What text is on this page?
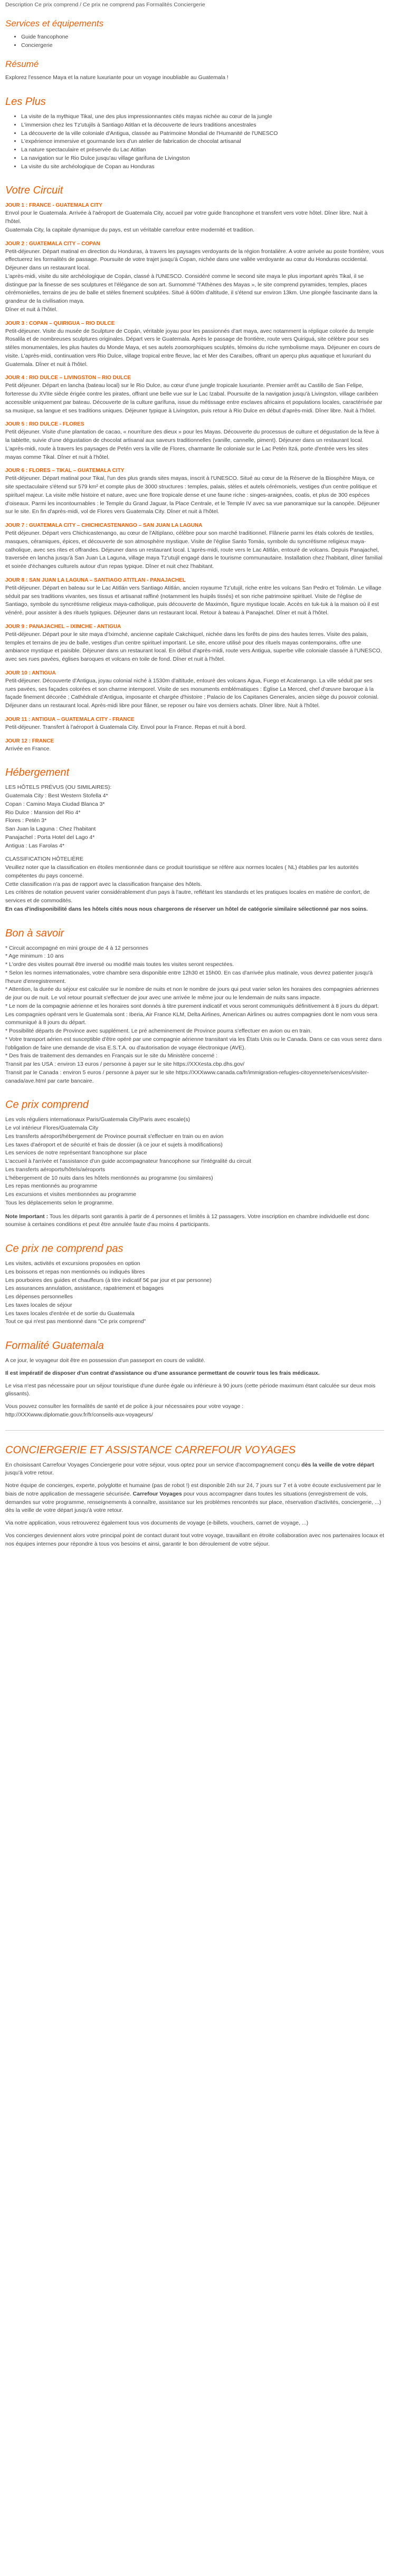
Description Ce prix comprend / Ce prix ne comprend pas Formalités Conciergerie

Services et équipements
• Guide francophone
• Conciergerie
Résumé

Explorez l'essence Maya et la nature luxuriante pour un voyage inoubliable au Guatemala !

Les Plus
• La visite de la mythique Tikal, une des plus impressionnantes cités mayas nichée au cœur de la jungle
• L'immersion chez les Tz'utujils à Santiago Atitlan et la découverte de leurs traditions ancestrales
• La découverte de la ville coloniale d'Antigua, classée au Patrimoine Mondial de l'Humanité de l'UNESCO
• L'expérience immersive et gourmande lors d'un atelier de fabrication de chocolat artisanal
• La nature spectaculaire et préservée du Lac Atitlan
• La navigation sur le Rio Dulce jusqu'au village garifuna de Livingston
• La visite du site archéologique de Copan au Honduras
Votre Circuit
JOUR 1 : FRANCE - GUATEMALA CITY

Envol pour le Guatemala. Arrivée à l'aéroport de Guatemala City, accueil par votre guide francophone et transfert vers votre hôtel. Dîner libre. Nuit à l'hôtel.

Guatemala City, la capitale dynamique du pays, est un véritable carrefour entre modernité et tradition.

JOUR 2 : GUATEMALA CITY – COPAN

Petit-déjeuner. Départ matinal en direction du Honduras, à travers les paysages verdoyants de la région frontalière. A votre arrivée au poste frontière, vous effectuerez les formalités de passage. Poursuite de votre trajet jusqu'à Copan, nichée dans une vallée verdoyante au cœur du Honduras occidental.

Déjeuner dans un restaurant local.

L'après-midi, visite du site archéologique de Copán, classé à l'UNESCO. Considéré comme le second site maya le plus important après Tikal, il se distingue par la finesse de ses sculptures et l'élégance de son art. Surnommé "l'Athènes des Mayas », le site comprend pyramides, temples, places cérémonielles, terrains de jeu de balle et stèles finement sculptées. Situé à 600m d'altitude, il s'étend sur environ 13km. Une plongée fascinante dans la grandeur de la civilisation maya.

Dîner et nuit à l'hôtel.

JOUR 3 : COPAN – QUIRIGUA – RIO DULCE

Petit-déjeuner. Visite du musée de Sculpture de Copán, véritable joyau pour les passionnés d'art maya, avec notamment la réplique colorée du temple Rosalila et de nombreuses sculptures originales. Départ vers le Guatemala. Après le passage de frontière, route vers Quiriguá, site célèbre pour ses stèles monumentales, les plus hautes du Monde Maya, et ses autels zoomorphiques sculptés, témoins du riche symbolisme maya. Déjeuner en cours de visite. L'après-midi, continuation vers Rio Dulce, village tropical entre fleuve, lac et Mer des Caraïbes, offrant un aperçu plus aquatique et luxuriant du Guatemala. Dîner et nuit à l'hôtel.

JOUR 4 : RIO DULCE – LIVINGSTON – RIO DULCE

Petit déjeuner. Départ en lancha (bateau local) sur le Rio Dulce, au cœur d'une jungle tropicale luxuriante. Premier arrêt au Castillo de San Felipe, forteresse du XVIIe siècle érigée contre les pirates, offrant une belle vue sur le Lac Izabal. Poursuite de la navigation jusqu'à Livingston, village caribéen accessible uniquement par bateau. Découverte de la culture garífuna, issue du métissage entre esclaves africains et populations locales, caractérisée par sa musique, sa langue et ses traditions uniques. Déjeuner typique à Livingston, puis retour à Rio Dulce en début d'après-midi. Dîner libre. Nuit à l'hôtel.

JOUR 5 : RIO DULCE - FLORES

Petit déjeuner. Visite d'une plantation de cacao, « nourriture des dieux » pour les Mayas. Découverte du processus de culture et dégustation de la fève à la tablette, suivie d'une dégustation de chocolat artisanal aux saveurs traditionnelles (vanille, cannelle, piment). Déjeuner dans un restaurant local. L'après-midi, route à travers les paysages de Petén vers la ville de Flores, charmante île coloniale sur le Lac Petén Itzá, porte d'entrée vers les sites mayas comme Tikal. Dîner et nuit à l'hôtel.

JOUR 6 : FLORES – TIKAL – GUATEMALA CITY

Petit-déjeuner. Départ matinal pour Tikal, l'un des plus grands sites mayas, inscrit à l'UNESCO. Situé au cœur de la Réserve de la Biosphère Maya, ce site spectaculaire s'étend sur 579 km² et compte plus de 3000 structures : temples, palais, stèles et autels cérémoniels, vestiges d'un centre politique et spirituel majeur. La visite mêle histoire et nature, avec une flore tropicale dense et une faune riche : singes-araignées, coatis, et plus de 300 espèces d'oiseaux. Parmi les incontournables : le Temple du Grand Jaguar, la Place Centrale, et le Temple IV avec sa vue panoramique sur la canopée. Déjeuner sur le site. En fin d'après-midi, vol de Flores vers Guatemala City. Dîner et nuit à l'hôtel.

JOUR 7 : GUATEMALA CITY – CHICHICASTENANGO – SAN JUAN LA LAGUNA

Petit déjeuner. Départ vers Chichicastenango, au cœur de l'Altiplano, célèbre pour son marché traditionnel. Flânerie parmi les étals colorés de textiles, masques, céramiques, épices, et découverte de son atmosphère mystique. Visite de l'église Santo Tomás, symbole du syncrétisme religieux maya-catholique, avec ses rites et offrandes. Déjeuner dans un restaurant local. L'après-midi, route vers le Lac Atitlán, entouré de volcans. Depuis Panajachel, traversée en lancha jusqu'à San Juan La Laguna, village maya Tz'utujil engagé dans le tourisme communautaire. Installation chez l'habitant, dîner familial et soirée d'échanges culturels autour d'un repas typique. Dîner et nuit chez l'habitant.

JOUR 8 : SAN JUAN LA LAGUNA – SANTIAGO ATITLAN - PANAJACHEL

Petit-déjeuner. Départ en bateau sur le Lac Atitlán vers Santiago Atitlán, ancien royaume Tz'utujil, riche entre les volcans San Pedro et Tolimán. Le village séduit par ses traditions vivantes, ses tissus et artisanat raffiné (notamment les huipils tissés) et son riche patrimoine spirituel. Visite de l'église de Santiago, symbole du syncrétisme religieux maya-catholique, puis découverte de Maximón, figure mystique locale. Accès en tuk-tuk à la maison où il est vénéré, pour assister à des rituels typiques. Déjeuner dans un restaurant local. Retour à bateau à Panajachel. Dîner et nuit à l'hôtel.

JOUR 9 : PANAJACHEL – IXIMCHE - ANTIGUA

Petit-déjeuner. Départ pour le site maya d'Iximché, ancienne capitale Cakchiquel, nichée dans les forêts de pins des hautes terres. Visite des palais, temples et terrains de jeu de balle, vestiges d'un centre spirituel important. Le site, encore utilisé pour des rituels mayas contemporains, offre une ambiance mystique et paisible. Déjeuner dans un restaurant local. En début d'après-midi, route vers Antigua, superbe ville coloniale classée à l'UNESCO, avec ses rues pavées, églises baroques et volcans en toile de fond. Dîner et nuit à l'hôtel.

JOUR 10 : ANTIGUA

Petit-déjeuner. Découverte d'Antigua, joyau colonial niché à 1530m d'altitude, entouré des volcans Agua, Fuego et Acatenango. La ville séduit par ses rues pavées, ses façades colorées et son charme intemporel. Visite de ses monuments emblématiques : Église La Merced, chef d'œuvre baroque à la façade finement décorée ; Cathédrale d'Antigua, imposante et chargée d'histoire ; Palacio de los Capitanes Generales, ancien siège du pouvoir colonial. Déjeuner dans un restaurant local. Après-midi libre pour flâner, se reposer ou faire vos derniers achats. Dîner libre. Nuit à l'hôtel.

JOUR 11 : ANTIGUA – GUATEMALA CITY - FRANCE

Petit-déjeuner. Transfert à l'aéroport à Guatemala City. Envol pour la France. Repas et nuit à bord.

JOUR 12 : FRANCE

Arrivée en France.

Hébergement

LES HÔTELS PRÉVUS (OU SIMILAIRES):

Guatemala City : Best Western Stofella 4*

Copan : Camino Maya Ciudad Blanca 3*

Rio Dulce : Mansion del Rio 4*

Flores : Petén 3*

San Juan la Laguna : Chez l'habitant

Panajachel : Porta Hotel del Lago 4*

Antigua : Las Farolas 4*

CLASSIFICATION HÔTELIÈRE

Veuillez noter que la classification en étoiles mentionnée dans ce produit touristique se réfère aux normes locales ( NL) établies par les autorités compétentes du pays concerné.

Cette classification n'a pas de rapport avec la classification française des hôtels.

Les critères de notation peuvent varier considérablement d'un pays à l'autre, reflétant les standards et les pratiques locales en matière de confort, de services et de commodités.

En cas d'indisponibilité dans les hôtels cités nous nous chargerons de réserver un hôtel de catégorie similaire sélectionné par nos soins.

Bon à savoir

* Circuit accompagné en mini groupe de 4 à 12 personnes

* Age minimum : 10 ans

* L'ordre des visites pourrait être inversé ou modifié mais toutes les visites seront respectées.

* Selon les normes internationales, votre chambre sera disponible entre 12h30 et 15h00. En cas d'arrivée plus matinale, vous devrez patienter jusqu'à l'heure d'enregistrement.

* Attention, la durée du séjour est calculée sur le nombre de nuits et non le nombre de jours qui peut varier selon les horaires des compagnies aériennes de jour ou de nuit. Le vol retour pourrait s'effectuer de jour avec une arrivée le même jour ou le lendemain de nuits sans impacte.

* Le nom de la compagnie aérienne et les horaires sont donnés à titre purement indicatif et vous seront communiqués définitivement à 8 jours du départ. Les compagnies opérant vers le Guatemala sont : Iberia, Air France KLM, Delta Airlines, American Airlines ou autres compagnies dont le nom vous sera communiqué à 8 jours du départ.

* Possibilité départs de Province avec supplément. Le pré acheminement de Province pourra s'effectuer en avion ou en train.

* Votre transport aérien est susceptible d'être opéré par une compagnie aérienne transitant via les États Unis ou le Canada. Dans ce cas vous serez dans l'obligation de faire une demande de visa E.S.T.A. ou d'autorisation de voyage électronique (AVE).

* Des frais de traitement des demandes en Français sur le site du Ministère concerné :

Transit par les USA : environ 13 euros / personne à payer sur le site https://XXXesta.cbp.dhs.gov/

Transit par le Canada : environ 5 euros / personne à payer sur le site https://XXXwww.canada.ca/fr/immigration-refugies-citoyennete/services/visiter-canada/ave.html par carte bancaire.

Ce prix comprend

Les vols réguliers internationaux Paris/Guatemala City/Paris avec escale(s)

Le vol intérieur Flores/Guatemala City

Les transferts aéroport/hébergement de Province pourrait s'effectuer en train ou en avion

Les taxes d'aéroport et de sécurité et frais de dossier (à ce jour et sujets à modifications)

Les services de notre représentant francophone sur place

L'accueil à l'arrivée et l'assistance d'un guide accompagnateur francophone sur l'intégralité du circuit

Les transferts aéroports/hôtels/aéroports

L'hébergement de 10 nuits dans les hôtels mentionnés au programme (ou similaires)

Les repas mentionnés au programme

Les excursions et visites mentionnées au programme

Tous les déplacements selon le programme.

Note Important : Tous les départs sont garantis à partir de 4 personnes et limités à 12 passagers. Votre inscription en chambre individuelle est donc soumise à certaines conditions et peut être annulée faute d'au moins 4 participants.

Ce prix ne comprend pas

Les visites, activités et excursions proposées en option

Les boissons et repas non mentionnés ou indiqués libres

Les pourboires des guides et chauffeurs (à titre indicatif 5€ par jour et par personne)

Les assurances annulation, assistance, rapatriement et bagages

Les dépenses personnelles

Les taxes locales de séjour

Les taxes locales d'entrée et de sortie du Guatemala

Tout ce qui n'est pas mentionné dans "Ce prix comprend"

Formalité Guatemala

A ce jour, le voyageur doit être en possession d'un passeport en cours de validité.

Il est impératif de disposer d'un contrat d'assistance ou d'une assurance permettant de couvrir tous les frais médicaux.

Le visa n'est pas nécessaire pour un séjour touristique d'une durée égale ou inférieure à 90 jours (cette période maximum étant calculée sur deux mois glissants).

Vous pouvez consulter les formalités de santé et de police à jour nécessaires pour votre voyage :

http://XXXwww.diplomatie.gouv.fr/fr/conseils-aux-voyageurs/

CONCIERGERIE ET ASSISTANCE CARREFOUR VOYAGES

En choisissant Carrefour Voyages Conciergerie pour votre séjour, vous optez pour un service d'accompagnement conçu dès la veille de votre départ jusqu'à votre retour.

Notre équipe de concierges, experte, polyglotte et humaine (pas de robot !) est disponible 24h sur 24, 7 jours sur 7 et à votre écoute exclusivement par le biais de notre application de messagerie sécurisée. Carrefour Voyages pour vous accompagner dans toutes les situations (enregistrement de vols, demandes sur votre programme, renseignements à connaître, assistance sur les problèmes rencontrés sur place, réservation d'activités, conciergerie, ...) dès la veille de votre départ jusqu'à votre retour.

Via notre application, vous retrouverez également tous vos documents de voyage (e-billets, vouchers, carnet de voyage, ...)

Vos concierges deviennent alors votre principal point de contact durant tout votre voyage, travaillant en étroite collaboration avec nos partenaires locaux et nos équipes internes pour répondre à tous vos besoins et ainsi, garantir le bon déroulement de votre séjour.
